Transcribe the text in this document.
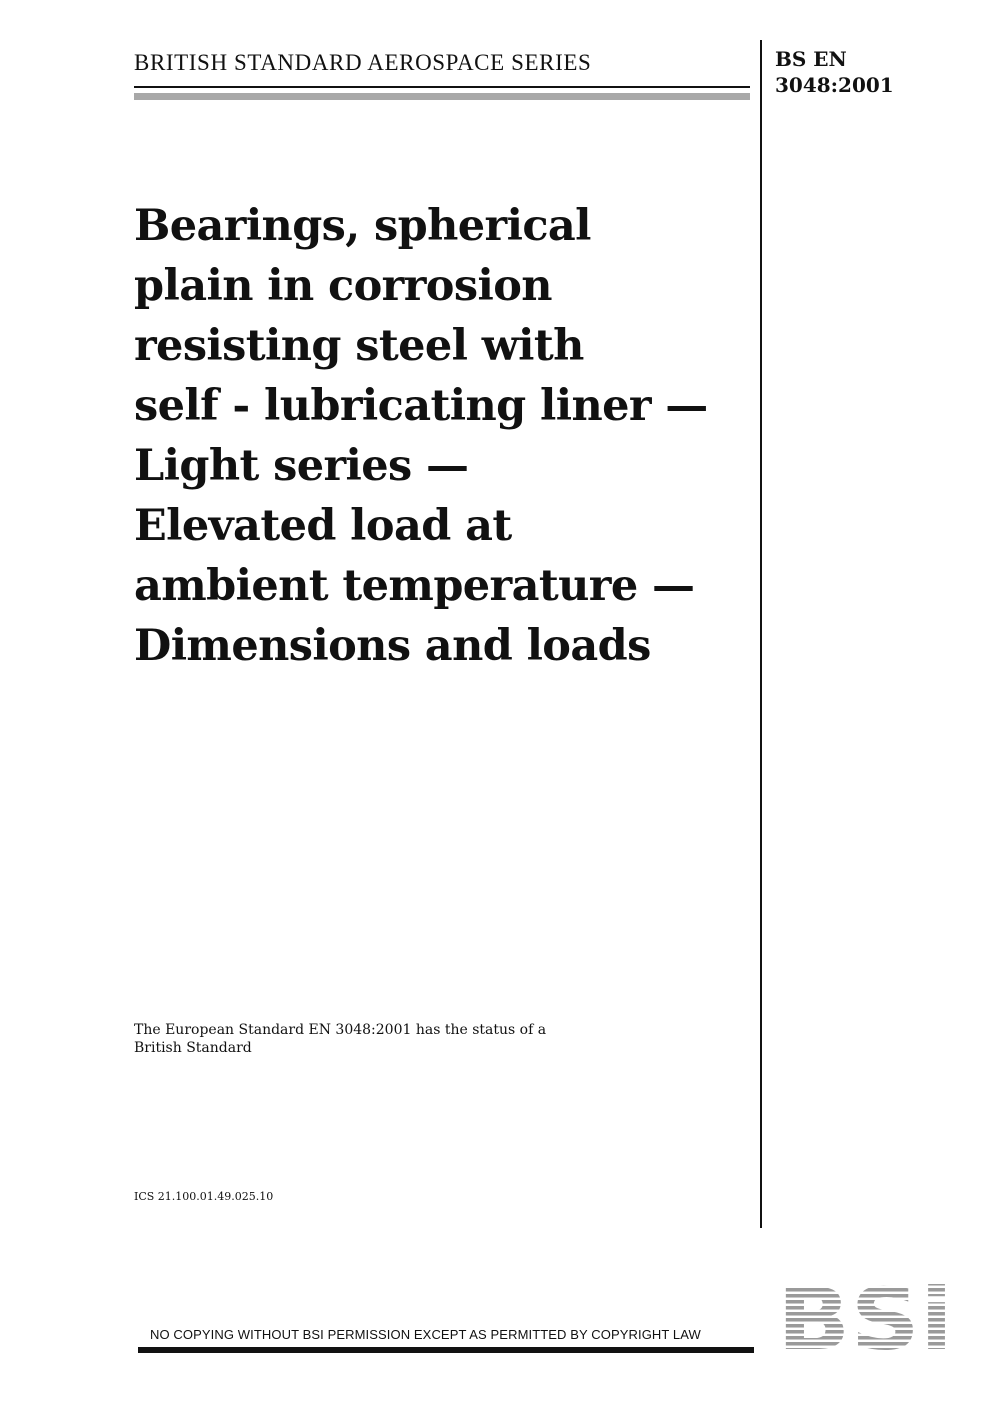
BRITISH STANDARD AEROSPACE SERIES	BS EN
3048:2001
Bearings, spherical
plain in corrosion
resisting steel with
self - lubricating liner —
Light series —
Elevated load at
ambient temperature —
Dimensions and loads
The European Standard EN 3048:2001 has the status of a
British Standard
ICS 21.100.01.49.025.10
NO COPYING WITHOUT BSI PERMISSION EXCEPT AS PERMITTED BY COPYRIGHT LAW
